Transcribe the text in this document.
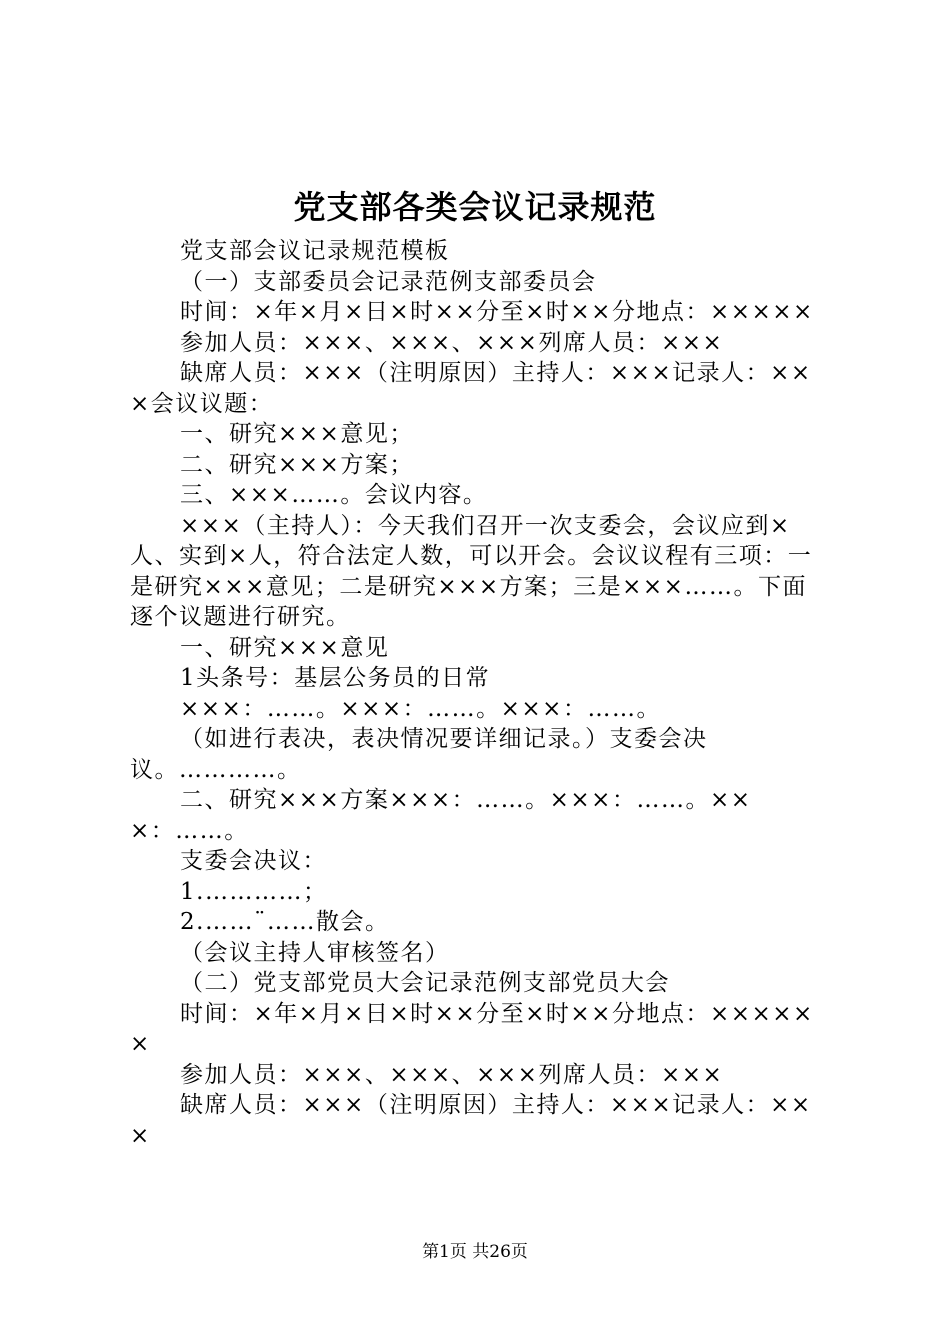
党支部各类会议记录规范

党支部会议记录规范模板

（一）支部委员会记录范例支部委员会

时间：×年×月×日×时××分至×时××分地点：×××××

参加人员：×××、×××、×××列席人员：×××

缺席人员：×××（注明原因）主持人：×××记录人：×××会议议题：

一、研究×××意见；

二、研究×××方案；

三、×××……。会议内容。

×××（主持人）：今天我们召开一次支委会，会议应到×人、实到×人，符合法定人数，可以开会。会议议程有三项：一是研究×××意见；二是研究×××方案；三是×××……。下面逐个议题进行研究。

一、研究×××意见

1头条号：基层公务员的日常

×××：……。×××：……。×××：……。

（如进行表决，表决情况要详细记录。）支委会决议。…………。

二、研究×××方案×××：……。×××：……。×××：……。

支委会决议：

1.…………；

2.……¨……散会。

（会议主持人审核签名）

（二）党支部党员大会记录范例支部党员大会

时间：×年×月×日×时××分至×时××分地点：××××××

参加人员：×××、×××、×××列席人员：×××

缺席人员：×××（注明原因）主持人：×××记录人：×××

第1页 共26页
